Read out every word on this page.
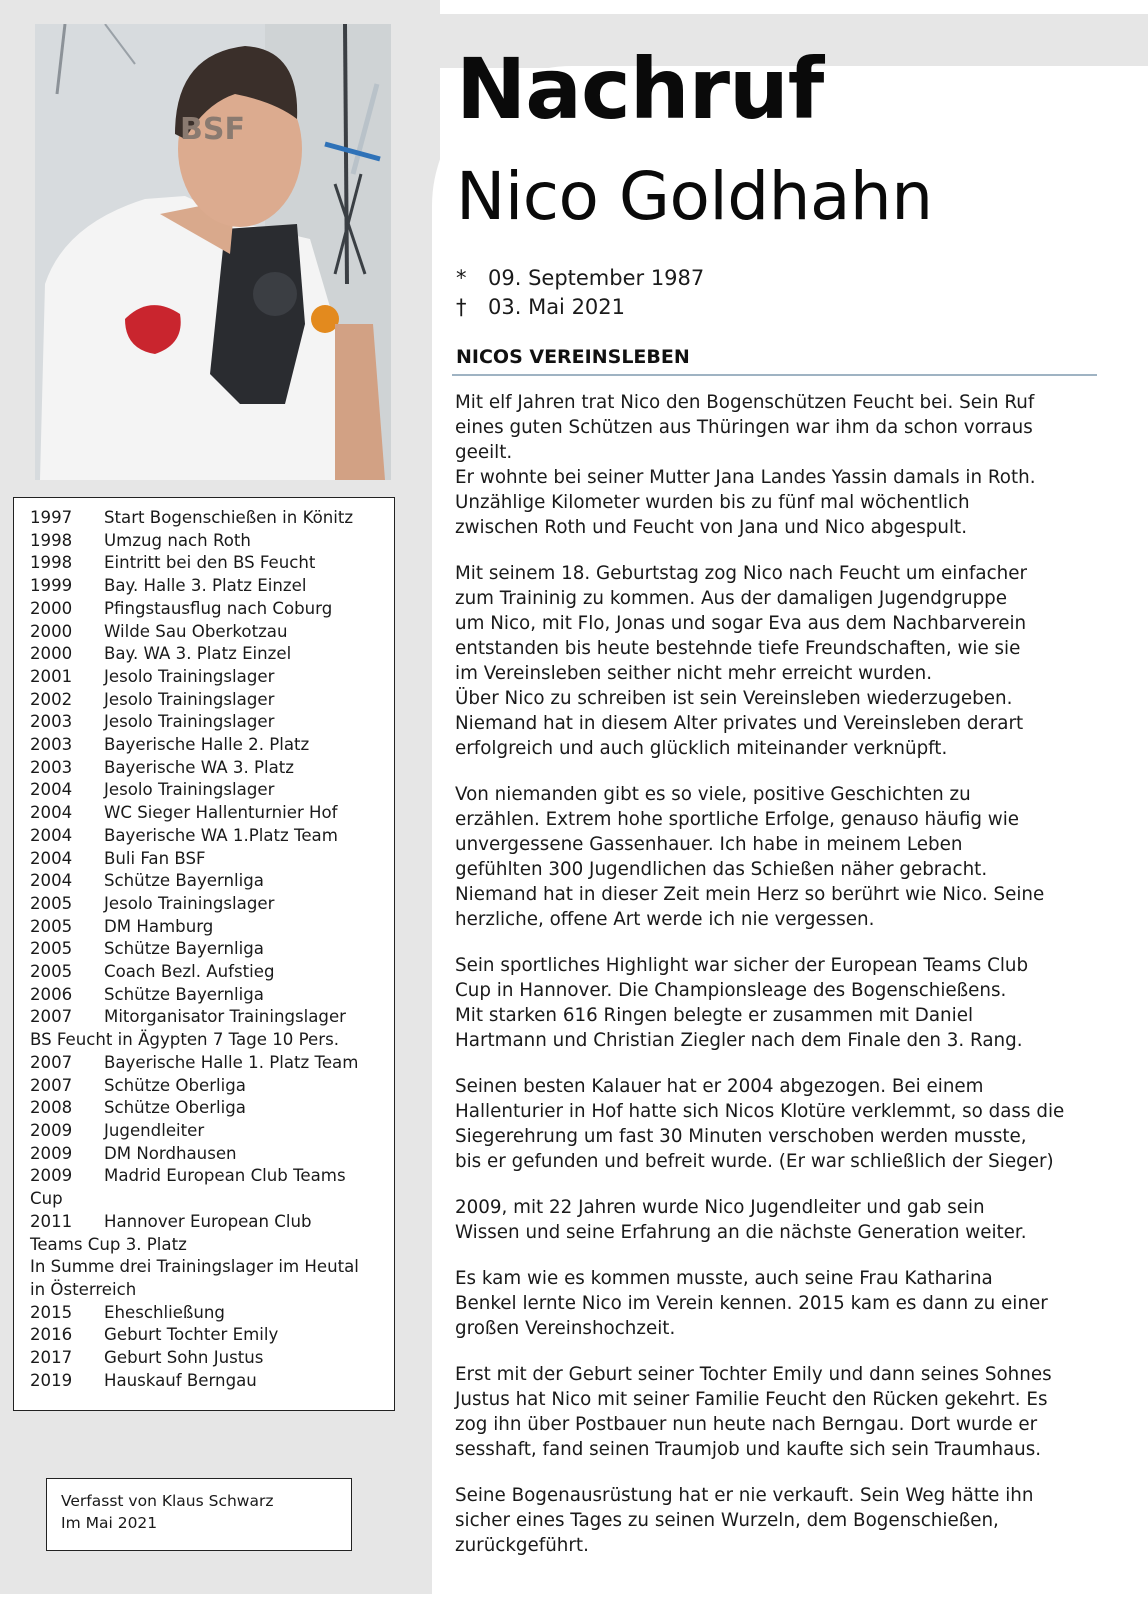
BSF
1997	Start Bogenschießen in Könitz
1998	Umzug nach Roth
1998	Eintritt bei den BS Feucht
1999	Bay. Halle 3. Platz Einzel
2000	Pfingstausflug nach Coburg
2000	Wilde Sau Oberkotzau
2000	Bay. WA 3. Platz Einzel
2001	Jesolo Trainingslager
2002	Jesolo Trainingslager
2003	Jesolo Trainingslager
2003	Bayerische Halle 2. Platz
2003	Bayerische WA 3. Platz
2004	Jesolo Trainingslager
2004	WC Sieger Hallenturnier Hof
2004	Bayerische WA 1.Platz Team
2004	Buli Fan BSF
2004	Schütze Bayernliga
2005	Jesolo Trainingslager
2005	DM Hamburg
2005	Schütze Bayernliga
2005	Coach Bezl. Aufstieg
2006	Schütze Bayernliga
2007	Mitorganisator Trainingslager
BS Feucht in Ägypten 7 Tage 10 Pers.
2007	Bayerische Halle 1. Platz Team
2007	Schütze Oberliga
2008	Schütze Oberliga
2009	Jugendleiter
2009	DM Nordhausen
2009	Madrid European Club Teams
Cup
2011	Hannover European Club
Teams Cup 3. Platz
In Summe drei Trainingslager im Heutal
in Österreich
2015	Eheschließung
2016	Geburt Tochter Emily
2017	Geburt Sohn Justus
2019	Hauskauf Berngau
Verfasst von Klaus Schwarz
Im Mai 2021
Nachruf
Nico Goldhahn
* 09. September 1987
† 03. Mai 2021
NICOS VEREINSLEBEN

Mit elf Jahren trat Nico den Bogenschützen Feucht bei. Sein Ruf
eines guten Schützen aus Thüringen war ihm da schon vorraus
geeilt.
Er wohnte bei seiner Mutter Jana Landes Yassin damals in Roth.
Unzählige Kilometer wurden bis zu fünf mal wöchentlich
zwischen Roth und Feucht von Jana und Nico abgespult.

Mit seinem 18. Geburtstag zog Nico nach Feucht um einfacher
zum Traininig zu kommen. Aus der damaligen Jugendgruppe
um Nico, mit Flo, Jonas und sogar Eva aus dem Nachbarverein
entstanden bis heute bestehnde tiefe Freundschaften, wie sie
im Vereinsleben seither nicht mehr erreicht wurden.
Über Nico zu schreiben ist sein Vereinsleben wiederzugeben.
Niemand hat in diesem Alter privates und Vereinsleben derart
erfolgreich und auch glücklich miteinander verknüpft.

Von niemanden gibt es so viele, positive Geschichten zu
erzählen. Extrem hohe sportliche Erfolge, genauso häufig wie
unvergessene Gassenhauer. Ich habe in meinem Leben
gefühlten 300 Jugendlichen das Schießen näher gebracht.
Niemand hat in dieser Zeit mein Herz so berührt wie Nico. Seine
herzliche, offene Art werde ich nie vergessen.

Sein sportliches Highlight war sicher der European Teams Club
Cup in Hannover. Die Championsleage des Bogenschießens.
Mit starken 616 Ringen belegte er zusammen mit Daniel
Hartmann und Christian Ziegler nach dem Finale den 3. Rang.

Seinen besten Kalauer hat er 2004 abgezogen. Bei einem
Hallenturier in Hof hatte sich Nicos Klotüre verklemmt, so dass die
Siegerehrung um fast 30 Minuten verschoben werden musste,
bis er gefunden und befreit wurde. (Er war schließlich der Sieger)

2009, mit 22 Jahren wurde Nico Jugendleiter und gab sein
Wissen und seine Erfahrung an die nächste Generation weiter.

Es kam wie es kommen musste, auch seine Frau Katharina
Benkel lernte Nico im Verein kennen. 2015 kam es dann zu einer
großen Vereinshochzeit.

Erst mit der Geburt seiner Tochter Emily und dann seines Sohnes
Justus hat Nico mit seiner Familie Feucht den Rücken gekehrt. Es
zog ihn über Postbauer nun heute nach Berngau. Dort wurde er
sesshaft, fand seinen Traumjob und kaufte sich sein Traumhaus.

Seine Bogenausrüstung hat er nie verkauft. Sein Weg hätte ihn
sicher eines Tages zu seinen Wurzeln, dem Bogenschießen,
zurückgeführt.
